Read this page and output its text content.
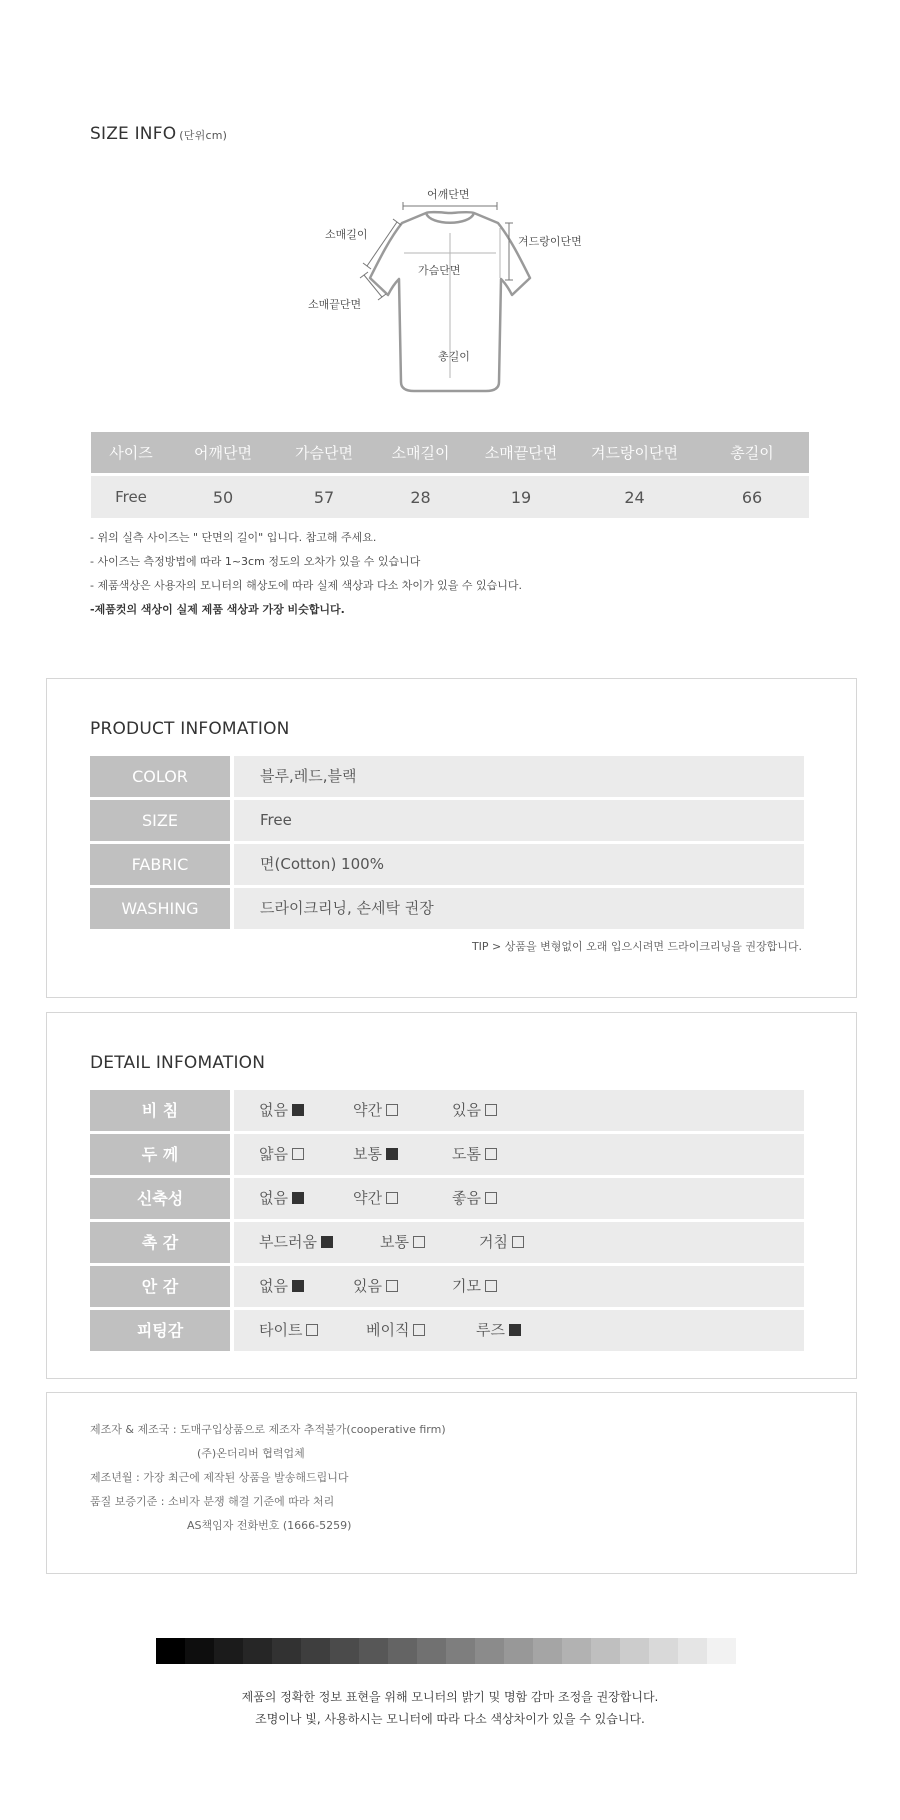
SIZE INFO (단위cm)
어깨단면
소매길이
가슴단면
겨드랑이단면
소매끝단면
총길이
사이즈	어깨단면	가슴단면	소매길이	소매끝단면	겨드랑이단면	총길이
Free	50	57	28	19	24	66
- 위의 실측 사이즈는 " 단면의 길이" 입니다. 참고해 주세요.
- 사이즈는 측정방법에 따라 1~3cm 정도의 오차가 있을 수 있습니다
- 제품색상은 사용자의 모니터의 해상도에 따라 실제 색상과 다소 차이가 있을 수 있습니다.
-제품컷의 색상이 실제 제품 색상과 가장 비슷합니다.
PRODUCT INFOMATION
COLOR	블루,레드,블랙
SIZE	Free
FABRIC	면(Cotton) 100%
WASHING	드라이크리닝, 손세탁 권장
TIP > 상품을 변형없이 오래 입으시려면 드라이크리닝을 권장합니다.
DETAIL INFOMATION
비 침	없음	약간	있음
두 께	얇음	보통	도톰
신축성	없음	약간	좋음
촉 감	부드러움	보통	거침
안 감	없음	있음	기모
피팅감	타이트	베이직	루즈
제조자 & 제조국 : 도매구입상품으로 제조자 추적불가(cooperative firm)
(주)온더리버 협력업체
제조년월 : 가장 최근에 제작된 상품을 발송해드립니다
품질 보증기준 : 소비자 분쟁 해결 기준에 따라 처리
AS책임자 전화번호 (1666-5259)
제품의 정확한 정보 표현을 위해 모니터의 밝기 및 명함 감마 조정을 권장합니다.
조명이나 빛, 사용하시는 모니터에 따라 다소 색상차이가 있을 수 있습니다.
